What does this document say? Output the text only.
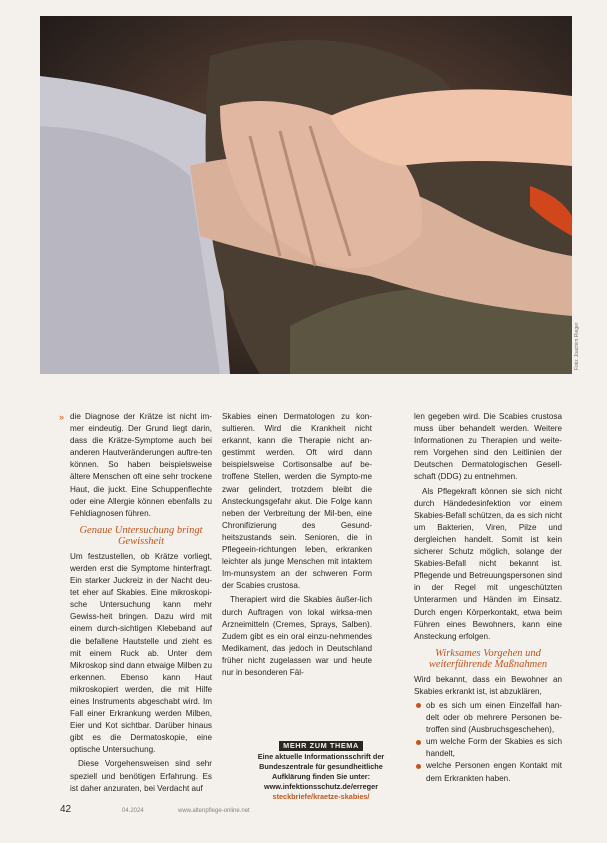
Foto: Joachim Rieger
» die Diagnose der Krätze ist nicht im-mer eindeutig. Der Grund liegt darin, dass die Krätze-Symptome auch bei anderen Hautveränderungen auftre-ten können. So haben beispielsweise ältere Menschen oft eine sehr trockene Haut, die juckt. Eine Schuppenflechte oder eine Allergie können ebenfalls zu Fehldiagnosen führen.

Genaue Untersuchung bringt Gewissheit

Um festzustellen, ob Krätze vorliegt, werden erst die Symptome hinterfragt. Ein starker Juckreiz in der Nacht deu-tet eher auf Skabies. Eine mikroskopi-sche Untersuchung kann mehr Gewiss-heit bringen. Dazu wird mit einem durch-sichtigen Klebeband auf die befallene Hautstelle und zieht es mit einem Ruck ab. Unter dem Mikroskop sind dann etwaige Milben zu erkennen. Ebenso kann Haut mikroskopiert werden, die mit Hilfe eines Instruments abgeschabt wird. Im Fall einer Erkrankung werden Milben, Eier und Kot sichtbar. Darüber hinaus gibt es die Dermatoskopie, eine optische Untersuchung.

Diese Vorgehensweisen sind sehr speziell und benötigen Erfahrung. Es ist daher anzuraten, bei Verdacht auf

Skabies einen Dermatologen zu kon-sultieren. Wird die Krankheit nicht erkannt, kann die Therapie nicht an-gestimmt werden. Oft wird dann beispielsweise Cortisonsalbe auf be-troffene Stellen, werden die Sympto-me zwar gelindert, trotzdem bleibt die Ansteckungsgefahr akut. Die Folge kann neben der Verbreitung der Mil-ben, eine Chronifizierung des Gesund-heitszustands sein. Senioren, die in Pflegeein-richtungen leben, erkranken leichter als junge Menschen mit intaktem Im-munsystem an der schweren Form der Scabies crustosa.

Therapiert wird die Skabies äußer-lich durch Auftragen von lokal wirksa-men Arzneimitteln (Cremes, Sprays, Salben). Zudem gibt es ein oral einzu-nehmendes Medikament, das jedoch in Deutschland früher nicht zugelassen war und heute nur in besonderen Fäl-

len gegeben wird. Die Scabies crustosa muss über behandelt werden. Weitere Informationen zu Therapien und weite-rem Vorgehen sind den Leitlinien der Deutschen Dermatologischen Gesell-schaft (DDG) zu entnehmen.

Als Pflegekraft können sie sich nicht durch Händedesinfektion vor einem Skabies-Befall schützen, da es sich nicht um Bakterien, Viren, Pilze und dergleichen handelt. Somit ist kein sicherer Schutz möglich, solange der Skabies-Befall nicht bekannt ist. Pflegende und Betreuungspersonen sind in der Regel mit ungeschützten Unterarmen und Händen im Einsatz. Durch engen Körperkontakt, etwa beim Führen eines Bewohners, kann eine Ansteckung erfolgen.

Wirksames Vorgehen und weiterführende Maßnahmen

Wird bekannt, dass ein Bewohner an Skabies erkrankt ist, ist abzuklären,

ob es sich um einen Einzelfall han-delt oder ob mehrere Personen be-troffen sind (Ausbruchsgeschehen),
um welche Form der Skabies es sich handelt,
welche Personen engen Kontakt mit dem Erkrankten haben.
MEHR ZUM THEMA
Eine aktuelle Informationsschrift der
Bundeszentrale für gesundheitliche
Aufklärung finden Sie unter:
www.infektionsschutz.de/erreger
steckbriefe/kraetze-skabies/
42	04.2024	www.altenpflege-online.net
